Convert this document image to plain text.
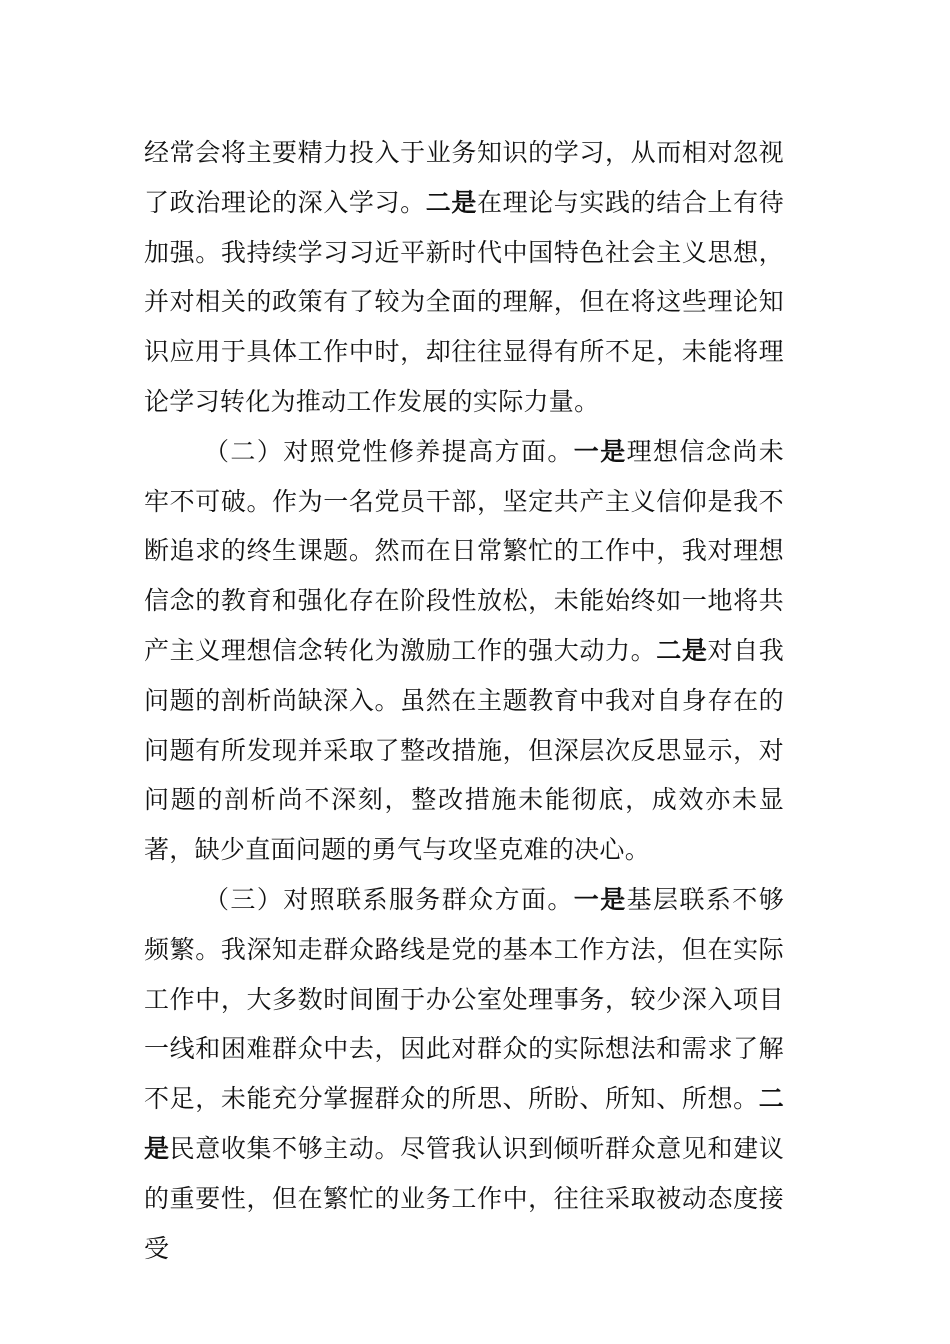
经常会将主要精力投入于业务知识的学习，从而相对忽视了政治理论的深入学习。二是在理论与实践的结合上有待加强。我持续学习习近平新时代中国特色社会主义思想，并对相关的政策有了较为全面的理解，但在将这些理论知识应用于具体工作中时，却往往显得有所不足，未能将理论学习转化为推动工作发展的实际力量。

（二）对照党性修养提高方面。一是理想信念尚未牢不可破。作为一名党员干部，坚定共产主义信仰是我不断追求的终生课题。然而在日常繁忙的工作中，我对理想信念的教育和强化存在阶段性放松，未能始终如一地将共产主义理想信念转化为激励工作的强大动力。二是对自我问题的剖析尚缺深入。虽然在主题教育中我对自身存在的问题有所发现并采取了整改措施，但深层次反思显示，对问题的剖析尚不深刻，整改措施未能彻底，成效亦未显著，缺少直面问题的勇气与攻坚克难的决心。

（三）对照联系服务群众方面。一是基层联系不够频繁。我深知走群众路线是党的基本工作方法，但在实际工作中，大多数时间囿于办公室处理事务，较少深入项目一线和困难群众中去，因此对群众的实际想法和需求了解不足，未能充分掌握群众的所思、所盼、所知、所想。二是民意收集不够主动。尽管我认识到倾听群众意见和建议的重要性，但在繁忙的业务工作中，往往采取被动态度接受
